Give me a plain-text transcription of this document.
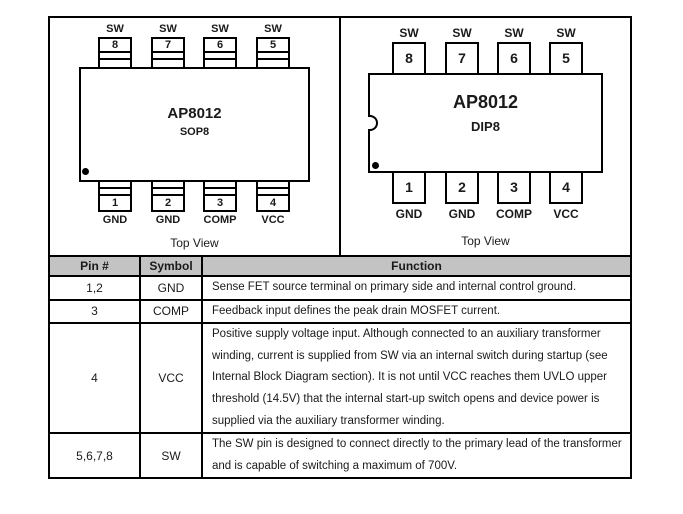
SW	SW	SW	SW
8	7	6	5
1	2	3	4
AP8012
SOP8
GND	GND	COMP	VCC
Top View
SW	SW	SW	SW
8	7	6	5
1	2	3	4
AP8012
DIP8
GND	GND	COMP	VCC
Top View
Pin #	Symbol	Function
1,2	GND	Sense FET source terminal on primary side and internal control ground.
3	COMP	Feedback input defines the peak drain MOSFET current.
4	VCC	Positive supply voltage input. Although connected to an auxiliary transformer winding, current is supplied from SW via an internal switch during startup (see Internal Block Diagram section). It is not until VCC reaches them UVLO upper threshold (14.5V) that the internal start-up switch opens and device power is supplied via the auxiliary transformer winding.
5,6,7,8	SW	The SW pin is designed to connect directly to the primary lead of the transformer and is capable of switching a maximum of 700V.
